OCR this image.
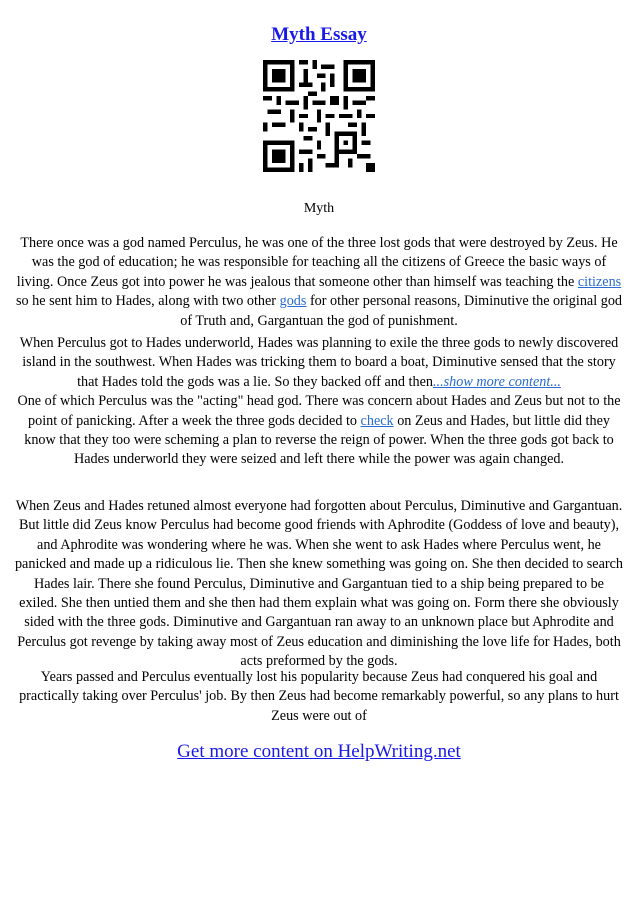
Myth Essay
Myth

There once was a god named Perculus, he was one of the three lost gods that were destroyed by Zeus. He was the god of education; he was responsible for teaching all the citizens of Greece the basic ways of living. Once Zeus got into power he was jealous that someone other than himself was teaching the citizens so he sent him to Hades, along with two other gods for other personal reasons, Diminutive the original god of Truth and, Gargantuan the god of punishment.

When Perculus got to Hades underworld, Hades was planning to exile the three gods to newly discovered island in the southwest. When Hades was tricking them to board a boat, Diminutive sensed that the story that Hades told the gods was a lie. So they backed off and then...show more content...
One of which Perculus was the "acting" head god. There was concern about Hades and Zeus but not to the point of panicking. After a week the three gods decided to check on Zeus and Hades, but little did they know that they too were scheming a plan to reverse the reign of power. When the three gods got back to Hades underworld they were seized and left there while the power was again changed.

When Zeus and Hades retuned almost everyone had forgotten about Perculus, Diminutive and Gargantuan. But little did Zeus know Perculus had become good friends with Aphrodite (Goddess of love and beauty), and Aphrodite was wondering where he was. When she went to ask Hades where Perculus went, he panicked and made up a ridiculous lie. Then she knew something was going on. She then decided to search Hades lair. There she found Perculus, Diminutive and Gargantuan tied to a ship being prepared to be exiled. She then untied them and she then had them explain what was going on. Form there she obviously sided with the three gods. Diminutive and Gargantuan ran away to an unknown place but Aphrodite and Perculus got revenge by taking away most of Zeus education and diminishing the love life for Hades, both acts preformed by the gods.

Years passed and Perculus eventually lost his popularity because Zeus had conquered his goal and practically taking over Perculus' job. By then Zeus had become remarkably powerful, so any plans to hurt Zeus were out of

Get more content on HelpWriting.net
